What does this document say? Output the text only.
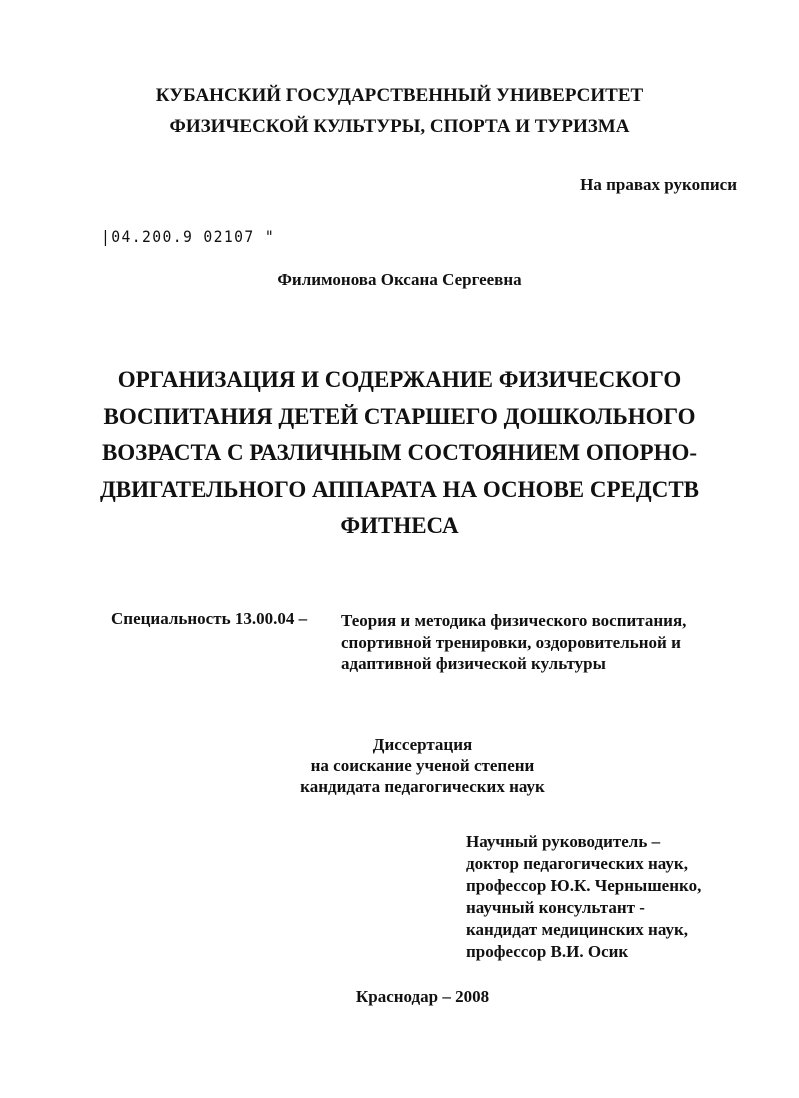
КУБАНСКИЙ ГОСУДАРСТВЕННЫЙ УНИВЕРСИТЕТ
ФИЗИЧЕСКОЙ КУЛЬТУРЫ, СПОРТА И ТУРИЗМА
На правах рукописи
|04.200.9 02107 "
Филимонова Оксана Сергеевна
ОРГАНИЗАЦИЯ И СОДЕРЖАНИЕ ФИЗИЧЕСКОГО
ВОСПИТАНИЯ ДЕТЕЙ СТАРШЕГО ДОШКОЛЬНОГО
ВОЗРАСТА С РАЗЛИЧНЫМ СОСТОЯНИЕМ ОПОРНО-
ДВИГАТЕЛЬНОГО АППАРАТА НА ОСНОВЕ СРЕДСТВ
ФИТНЕСА
Специальность 13.00.04 – Теория и методика физического воспитания,
спортивной тренировки, оздоровительной и
адаптивной физической культуры
Диссертация
на соискание ученой степени
кандидата педагогических наук
Научный руководитель –
доктор педагогических наук,
профессор Ю.К. Чернышенко,
научный консультант -
кандидат медицинских наук,
профессор В.И. Осик
Краснодар – 2008
